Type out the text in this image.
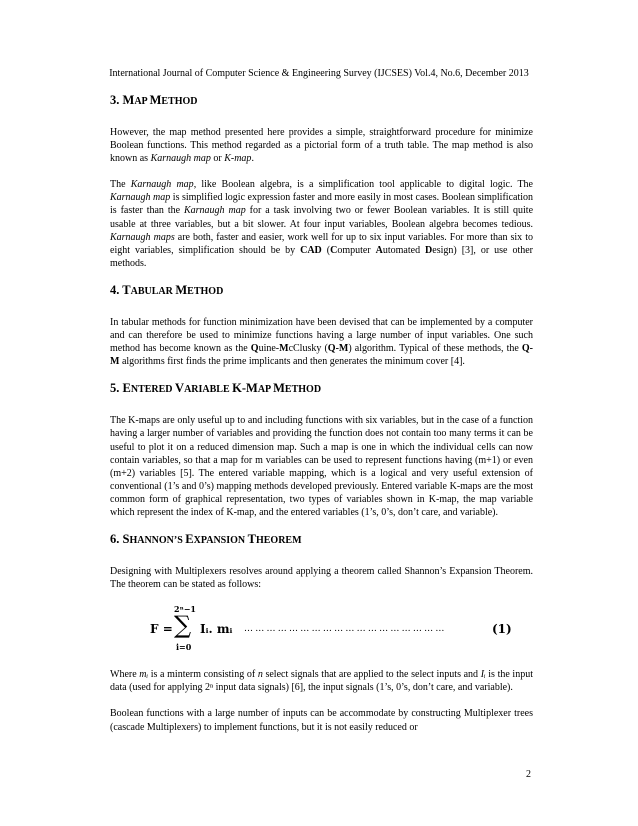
International Journal of Computer Science & Engineering Survey (IJCSES) Vol.4, No.6, December 2013
3. MAP METHOD

However, the map method presented here provides a simple, straightforward procedure for minimize Boolean functions. This method regarded as a pictorial form of a truth table. The map method is also known as Karnaugh map or K-map.

The Karnaugh map, like Boolean algebra, is a simplification tool applicable to digital logic. The Karnaugh map is simplified logic expression faster and more easily in most cases. Boolean simplification is faster than the Karnaugh map for a task involving two or fewer Boolean variables. It is still quite usable at three variables, but a bit slower. At four input variables, Boolean algebra becomes tedious. Karnaugh maps are both, faster and easier, work well for up to six input variables. For more than six to eight variables, simplification should be by CAD (Computer Automated Design) [3], or use other methods.

4. TABULAR METHOD

In tabular methods for function minimization have been devised that can be implemented by a computer and can therefore be used to minimize functions having a large number of input variables. One such method has become known as the Quine-McClusky (Q-M) algorithm. Typical of these methods, the Q-M algorithms first finds the prime implicants and then generates the minimum cover [4].

5. ENTERED VARIABLE K-MAP METHOD

The K-maps are only useful up to and including functions with six variables, but in the case of a function having a larger number of variables and providing the function does not contain too many terms it can be useful to plot it on a reduced dimension map. Such a map is one in which the individual cells can now contain variables, so that a map for m variables can be used to represent functions having (m+1) or even (m+2) variables [5]. The entered variable mapping, which is a logical and very useful extension of conventional (1’s and 0’s) mapping methods developed previously. Entered variable K-maps are the most common form of graphical representation, two types of variables shown in K-map, the map variable which represent the index of K-map, and the entered variables (1’s, 0’s, don’t care, and variable).

6. SHANNON’S EXPANSION THEOREM

Designing with Multiplexers resolves around applying a theorem called Shannon’s Expansion Theorem. The theorem can be stated as follows:

F =
2ⁿ−1
∑
i=0
Iᵢ. mᵢ … … … … … … … … … … … … … … … … … …	(1)

Where mᵢ is a minterm consisting of n select signals that are applied to the select inputs and Iᵢ is the input data (used for applying 2ⁿ input data signals) [6], the input signals (1’s, 0’s, don’t care, and variable).

Boolean functions with a large number of inputs can be accommodate by constructing Multiplexer trees (cascade Multiplexers) to implement functions, but it is not easily reduced or

2
